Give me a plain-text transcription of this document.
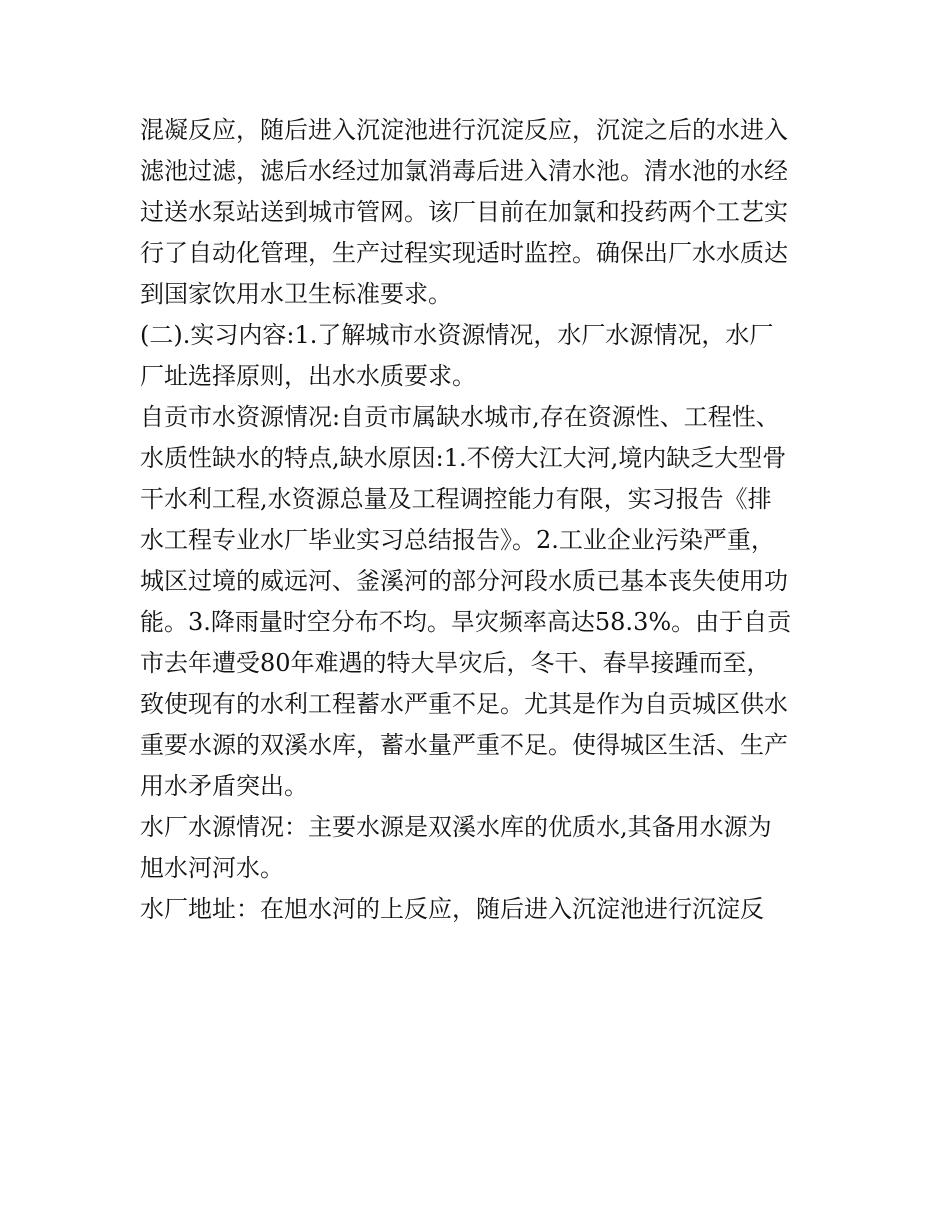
混凝反应，随后进入沉淀池进行沉淀反应，沉淀之后的水进入
滤池过滤，滤后水经过加氯消毒后进入清水池。清水池的水经
过送水泵站送到城市管网。该厂目前在加氯和投药两个工艺实
行了自动化管理，生产过程实现适时监控。确保出厂水水质达
到国家饮用水卫生标准要求。
(二).实习内容:1.了解城市水资源情况，水厂水源情况，水厂
厂址选择原则，出水水质要求。
自贡市水资源情况:自贡市属缺水城市,存在资源性、工程性、
水质性缺水的特点,缺水原因:1.不傍大江大河,境内缺乏大型骨
干水利工程,水资源总量及工程调控能力有限，实习报告《排
水工程专业水厂毕业实习总结报告》。2.工业企业污染严重，
城区过境的威远河、釜溪河的部分河段水质已基本丧失使用功
能。3.降雨量时空分布不均。旱灾频率高达58.3%。由于自贡
市去年遭受80年难遇的特大旱灾后，冬干、春旱接踵而至，
致使现有的水利工程蓄水严重不足。尤其是作为自贡城区供水
重要水源的双溪水库，蓄水量严重不足。使得城区生活、生产
用水矛盾突出。
水厂水源情况：主要水源是双溪水库的优质水,其备用水源为
旭水河河水。
水厂地址：在旭水河的上反应，随后进入沉淀池进行沉淀反
